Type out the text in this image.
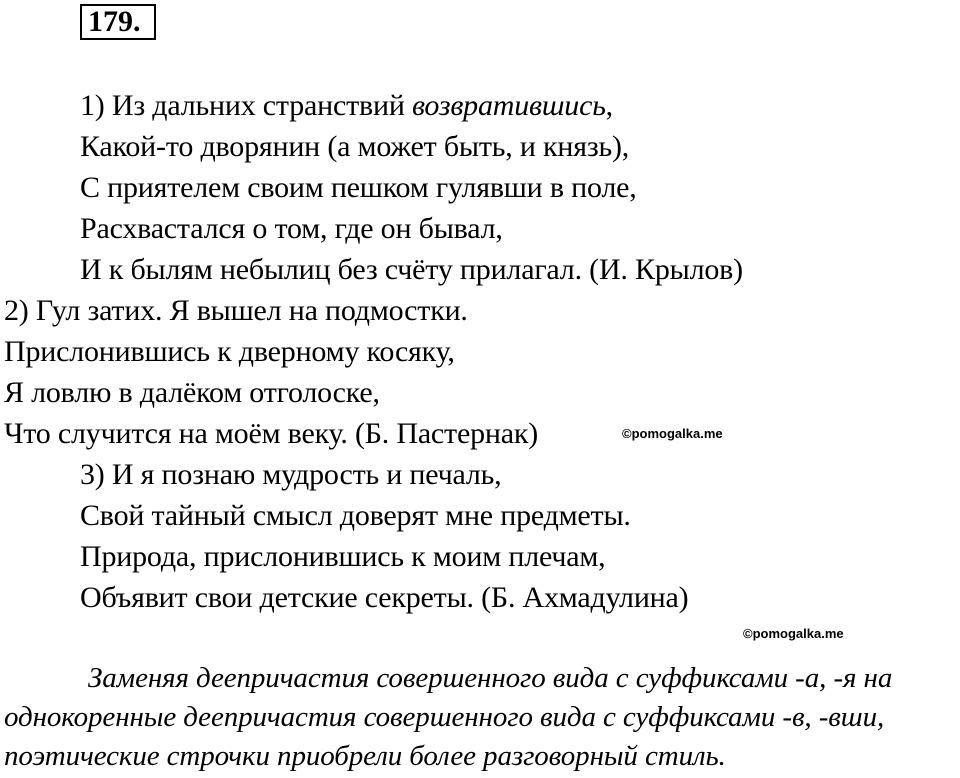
179.
1) Из дальних странствий возвратившись,
Какой-то дворянин (а может быть, и князь),
С приятелем своим пешком гулявши в поле,
Расхвастался о том, где он бывал,
И к былям небылиц без счёту прилагал. (И. Крылов)
2) Гул затих. Я вышел на подмостки.
Прислонившись к дверному косяку,
Я ловлю в далёком отголоске,
Что случится на моём веку. (Б. Пастернак)	©pomogalka.me
3) И я познаю мудрость и печаль,
Свой тайный смысл доверят мне предметы.
Природа, прислонившись к моим плечам,
Объявит свои детские секреты. (Б. Ахмадулина)
©pomogalka.me
Заменяя деепричастия совершенного вида с суффиксами -а, -я на
однокоренные деепричастия совершенного вида с суффиксами -в, -вши,
поэтические строчки приобрели более разговорный стиль.
